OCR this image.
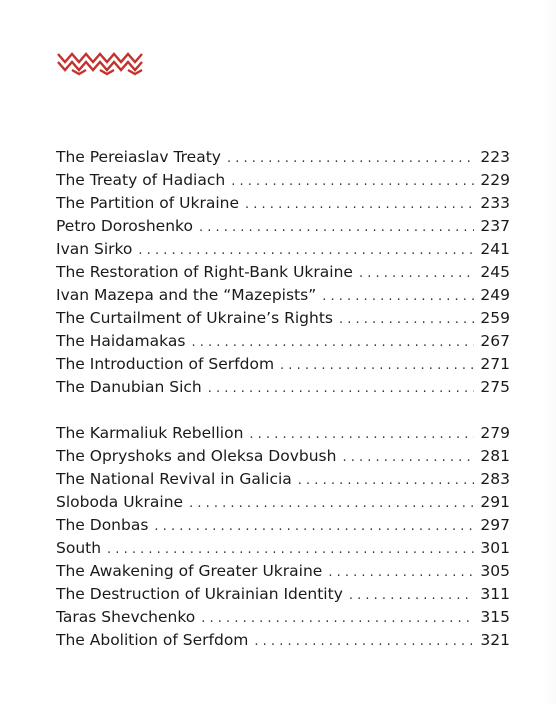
The Pereiaslav Treaty . . .	223
The Treaty of Hadiach . . .	229
The Partition of Ukraine . . .	233
Petro Doroshenko . . .	237
Ivan Sirko . . .	241
The Restoration of Right-Bank Ukraine . . .	245
Ivan Mazepa and the “Mazepists” . . .	249
The Curtailment of Ukraine’s Rights . . .	259
The Haidamakas . . .	267
The Introduction of Serfdom . . .	271
The Danubian Sich . . .	275
The Karmaliuk Rebellion . . .	279
The Opryshoks and Oleksa Dovbush . . .	281
The National Revival in Galicia . . .	283
Sloboda Ukraine . . .	291
The Donbas . . .	297
South . . .	301
The Awakening of Greater Ukraine . . .	305
The Destruction of Ukrainian Identity . . .	311
Taras Shevchenko . . .	315
The Abolition of Serfdom . . .	321
